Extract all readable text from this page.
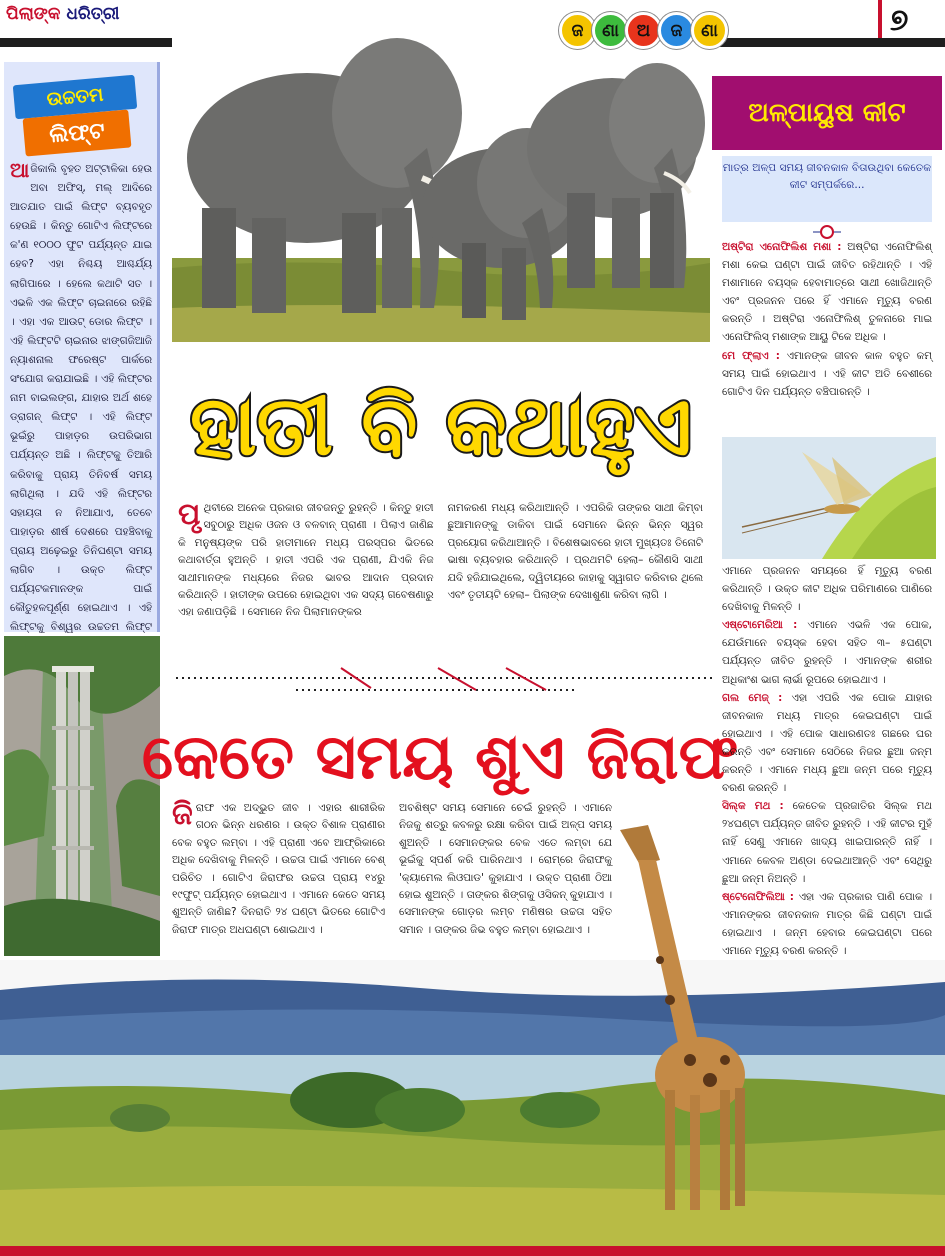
ପିଲାଙ୍କ ଧରିତ୍ରୀ
ଜ	ଣା	ଅ	ଜ	ଣା	୭
ଉଚ୍ଚତମ
ଲିଫ୍ଟ
ଆଜିକାଲି ବୃହତ ଅଟ୍ଟାଳିକା ହେଉ ଅବା ଅଫିସ୍, ମଲ୍ ଆଦିରେ ଆତଯାତ ପାଇଁ ଲିଫ୍ଟ ବ୍ୟବହୃତ ହେଉଛି । କିନ୍ତୁ ଗୋଟିଏ ଲିଫ୍ଟରେ କ'ଣ ୧୦୦୦ ଫୁଟ ପର୍ଯ୍ୟନ୍ତ ଯାଇ ହେବ? ଏହା ନିଶ୍ଚୟ ଆଶ୍ଚର୍ଯ୍ୟ ଲାଗିପାରେ । ହେଲେ କଥାଟି ସତ । ଏଭଳି ଏକ ଲିଫ୍ଟ ଚାଇନାରେ ରହିଛି । ଏହା ଏକ ଆଉଟ୍ ଡୋର ଲିଫ୍ଟ । ଏହି ଲିଫ୍ଟଟି ଚାଇନାର ଝାଙ୍ଗଜିଆଜି ନ୍ୟାଶନାଲ ଫରେଷ୍ଟ ପାର୍କରେ ସଂଯୋଗ କରାଯାଇଛି । ଏହି ଲିଫ୍ଟର ନାମ ବାଇଲଙ୍ଗ, ଯାହାର ଅର୍ଥ ଶହେ ଡ୍ରାଗନ୍ ଲିଫ୍ଟ । ଏହି ଲିଫ୍ଟ ଭୂଇଁରୁ ପାହାଡ଼ର ଉପରିଭାଗ ପର୍ଯ୍ୟନ୍ତ ଅଛି । ଲିଫ୍ଟକୁ ତିଆରି କରିବାକୁ ପ୍ରାୟ ତିନିବର୍ଷ ସମୟ ଲାଗିଥିଲା । ଯଦି ଏହି ଲିଫ୍ଟର ସହାୟତା ନ ନିଆଯାଏ, ତେବେ ପାହାଡ଼ର ଶୀର୍ଷ ଦେଶରେ ପହଞ୍ଚିବାକୁ ପ୍ରାୟ ଅଢ଼େଇରୁ ତିନିଘଣ୍ଟା ସମୟ ଲାଗିବ । ଉକ୍ତ ଲିଫ୍ଟ ପର୍ଯ୍ୟଟକମାନଙ୍କ ପାଇଁ କୌତୁହଳପୂର୍ଣ୍ଣ ହୋଇଥାଏ । ଏହି ଲିଫ୍ଟକୁ ବିଶ୍ୱର ଉଚ୍ଚତମ ଲିଫ୍ଟ
ହାତୀ ବି କଥାହୁଏ
ପୃଥିବୀରେ ଅନେକ ପ୍ରକାର ଜୀବଜନ୍ତୁ ରୁହନ୍ତି । କିନ୍ତୁ ହାତୀ ସବୁଠାରୁ ଅଧିକ ଓଜନ ଓ ବଳବାନ୍ ପ୍ରାଣୀ । ପିଲାଏ ଜାଣିଛ କି ମନୁଷ୍ୟଙ୍କ ପରି ହାତୀମାନେ ମଧ୍ୟ ପରସ୍ପର ଭିତରେ କଥାବାର୍ତ୍ତା ହୁଅନ୍ତି । ହାତୀ ଏପରି ଏକ ପ୍ରାଣୀ, ଯିଏକି ନିଜ ସାଥୀମାନଙ୍କ ମଧ୍ୟରେ ନିଜର ଭାବର ଆଦାନ ପ୍ରଦାନ କରିଥାନ୍ତି । ହାତୀଙ୍କ ଉପରେ ହୋଇଥିବା ଏକ ସଦ୍ୟ ଗବେଷଣାରୁ ଏହା ଜଣାପଡ଼ିଛି । ସେମାନେ ନିଜ ପିଲାମାନଙ୍କର
ନାମକରଣ ମଧ୍ୟ କରିଥାଆନ୍ତି । ଏପରିକି ତାଙ୍କର ସାଥୀ କିମ୍ବା ଛୁଆମାନଙ୍କୁ ଡାକିବା ପାଇଁ ସେମାନେ ଭିନ୍ନ ଭିନ୍ନ ସ୍ୱର ପ୍ରୟୋଗ କରିଥାଆନ୍ତି । ବିଶେଷଭାବରେ ହାତୀ ମୁଖ୍ୟତଃ ତିନୋଟି ଭାଷା ବ୍ୟବହାର କରିଥାନ୍ତି । ପ୍ରଥମଟି ହେଲା– କୌଣସି ସାଥୀ ଯଦି ହଜିଯାଇଥିଲେ, ଦ୍ୱିତୀୟରେ କାହାକୁ ସ୍ୱାଗତ କରିବାର ଥିଲେ ଏବଂ ତୃତୀୟଟି ହେଲା– ପିଲାଙ୍କ ଦେଖାଶୁଣା କରିବା ଲାଗି ।
କେତେ ସମୟ ଶୁଏ ଜିରାଫ
ଜିରାଫ ଏକ ଅଦ୍ଭୁତ ଜୀବ । ଏହାର ଶାରୀରିକ ଗଠନ ଭିନ୍ନ ଧରଣର । ଉକ୍ତ ବିଶାଳ ପ୍ରାଣୀର ବେକ ବହୁତ ଲମ୍ବା । ଏହି ପ୍ରାଣୀ ଏବେ ଆଫ୍ରିକାରେ ଅଧିକ ଦେଖିବାକୁ ମିଳନ୍ତି । ଉଚ୍ଚତା ପାଇଁ ଏମାନେ ବେଶ୍ ପରିଚିତ । ଗୋଟିଏ ଜିରାଫର ଉଚ୍ଚତା ପ୍ରାୟ ୧୪ରୁ ୧୯ଫୁଟ୍ ପର୍ଯ୍ୟନ୍ତ ହୋଇଥାଏ । ଏମାନେ କେତେ ସମୟ ଶୁଅନ୍ତି ଜାଣିଛ? ଦିନରାତି ୨୪ ଘଣ୍ଟା ଭିତରେ ଗୋଟିଏ ଜିରାଫ ମାତ୍ର ଅଧଘଣ୍ଟା ଶୋଇଥାଏ ।
ଅବଶିଷ୍ଟ ସମୟ ସେମାନେ ଚେଇଁ ରୁହନ୍ତି । ଏମାନେ ନିଜକୁ ଶତ୍ରୁ କବଳରୁ ରକ୍ଷା କରିବା ପାଇଁ ଅଳ୍ପ ସମୟ ଶୁଅନ୍ତି । ସେମାନଙ୍କର ବେକ ଏତେ ଲମ୍ବା ଯେ ଭୂଇଁକୁ ସ୍ପର୍ଶ କରି ପାରିନଥାଏ । ରୋମ୍‌ରେ ଜିରାଫକୁ 'କ୍ୟାମେଲ ଲିଓପାଡ' କୁହାଯାଏ । ଉକ୍ତ ପ୍ରାଣୀ ଠିଆ ହୋଇ ଶୁଅନ୍ତି । ତାଙ୍କର ଶିଙ୍ଗକୁ ଓସିକନ୍ କୁହାଯାଏ । ସେମାନଙ୍କ ଗୋଡ଼ର ଲମ୍ବ ମଣିଷର ଉଚ୍ଚତା ସହିତ ସମାନ । ତାଙ୍କର ଜିଭ ବହୁତ ଲମ୍ବା ହୋଇଥାଏ ।
ଅଳ୍ପାୟୁଷ କୀଟ
ମାତ୍ର ଅଳ୍ପ ସମୟ ଜୀବନକାଳ ବିତାଉଥିବା କେତେକ କୀଟ ସମ୍ପର୍କରେ...

ଅଷ୍ଟିରା ଏନୋଫିଲିଶ ମଶା : ଅଷ୍ଟିରା ଏନୋଫିଲିଶ୍ ମଶା କେଇ ଘଣ୍ଟା ପାଇଁ ଜୀବିତ ରହିଥାନ୍ତି । ଏହି ମଶାମାନେ ବୟସ୍କ ହେବାମାତ୍ରେ ସାଥୀ ଖୋଜିଥାନ୍ତି ଏବଂ ପ୍ରଜନନ ପରେ ହିଁ ଏମାନେ ମୃତ୍ୟୁ ବରଣ କରନ୍ତି । ଅଷ୍ଟିରା ଏନୋଫିଲିଶ୍ ତୁଳନାରେ ମାଇ ଏନୋଫିଲିସ୍ ମଶାଙ୍କ ଆୟୁ ଟିକେ ଅଧିକ ।

ମେ ଫ୍ଲାଏ : ଏମାନଙ୍କ ଜୀବନ କାଳ ବହୁତ କମ୍ ସମୟ ପାଇଁ ହୋଇଥାଏ । ଏହି କୀଟ ଅତି ବେଶୀରେ ଗୋଟିଏ ଦିନ ପର୍ଯ୍ୟନ୍ତ ବଞ୍ଚିପାରନ୍ତି ।

ଏମାନେ ପ୍ରଜନନ ସମୟରେ ହିଁ ମୃତ୍ୟୁ ବରଣ କରିଥାନ୍ତି । ଉକ୍ତ କୀଟ ଅଧିକ ପରିମାଣରେ ପାଣିରେ ଦେଖିବାକୁ ମିଳନ୍ତି ।

ଏଷ୍ଟୋମେରିଆ : ଏମାନେ ଏଭଳି ଏକ ପୋକ, ଯେଉଁମାନେ ବୟସ୍କ ହେବା ସହିତ ୩– ୫ଘଣ୍ଟା ପର୍ଯ୍ୟନ୍ତ ଜୀବିତ ରୁହନ୍ତି । ଏମାନଙ୍କ ଶରୀର ଅଧିକାଂଶ ଭାଗ ଲାର୍ଭା ରୂପରେ ହୋଇଥାଏ ।

ଗଲ ମେଜ୍ : ଏହା ଏପରି ଏକ ପୋକ ଯାହାର ଜୀବନକାଳ ମଧ୍ୟ ମାତ୍ର କେଇଘଣ୍ଟା ପାଇଁ ହୋଇଥାଏ । ଏହି ପୋକ ସାଧାରଣତଃ ଗଛରେ ଘର କରନ୍ତି ଏବଂ ସେମାନେ ସେଠିରେ ନିଜର ଛୁଆ ଜନ୍ମ କରନ୍ତି । ଏମାନେ ମଧ୍ୟ ଛୁଆ ଜନ୍ମ ପରେ ମୃତ୍ୟୁ ବରଣ କରନ୍ତି ।

ସିଲ୍କ ମଥ : କେତେକ ପ୍ରଜାତିର ସିଲ୍କ ମଥ ୨୪ଘଣ୍ଟା ପର୍ଯ୍ୟନ୍ତ ଜୀବିତ ରୁହନ୍ତି । ଏହି କୀଟର ମୁହଁ ନାହିଁ ସେଣୁ ଏମାନେ ଖାଦ୍ୟ ଖାଇପାରନ୍ତି ନାହିଁ । ଏମାନେ କେବଳ ଅଣ୍ଡା ଦେଇଥାଆନ୍ତି ଏବଂ ସେଥିରୁ ଛୁଆ ଜନ୍ମ ନିଅନ୍ତି ।

ଷ୍ଟେନୋଫିଲିଆ : ଏହା ଏକ ପ୍ରକାର ପାଣି ପୋକ । ଏମାନଙ୍କର ଜୀବନକାଳ ମାତ୍ର କିଛି ଘଣ୍ଟା ପାଇଁ ହୋଇଥାଏ । ଜନ୍ମ ହେବାର କେଇଘଣ୍ଟା ପରେ ଏମାନେ ମୃତ୍ୟୁ ବରଣ କରନ୍ତି ।
